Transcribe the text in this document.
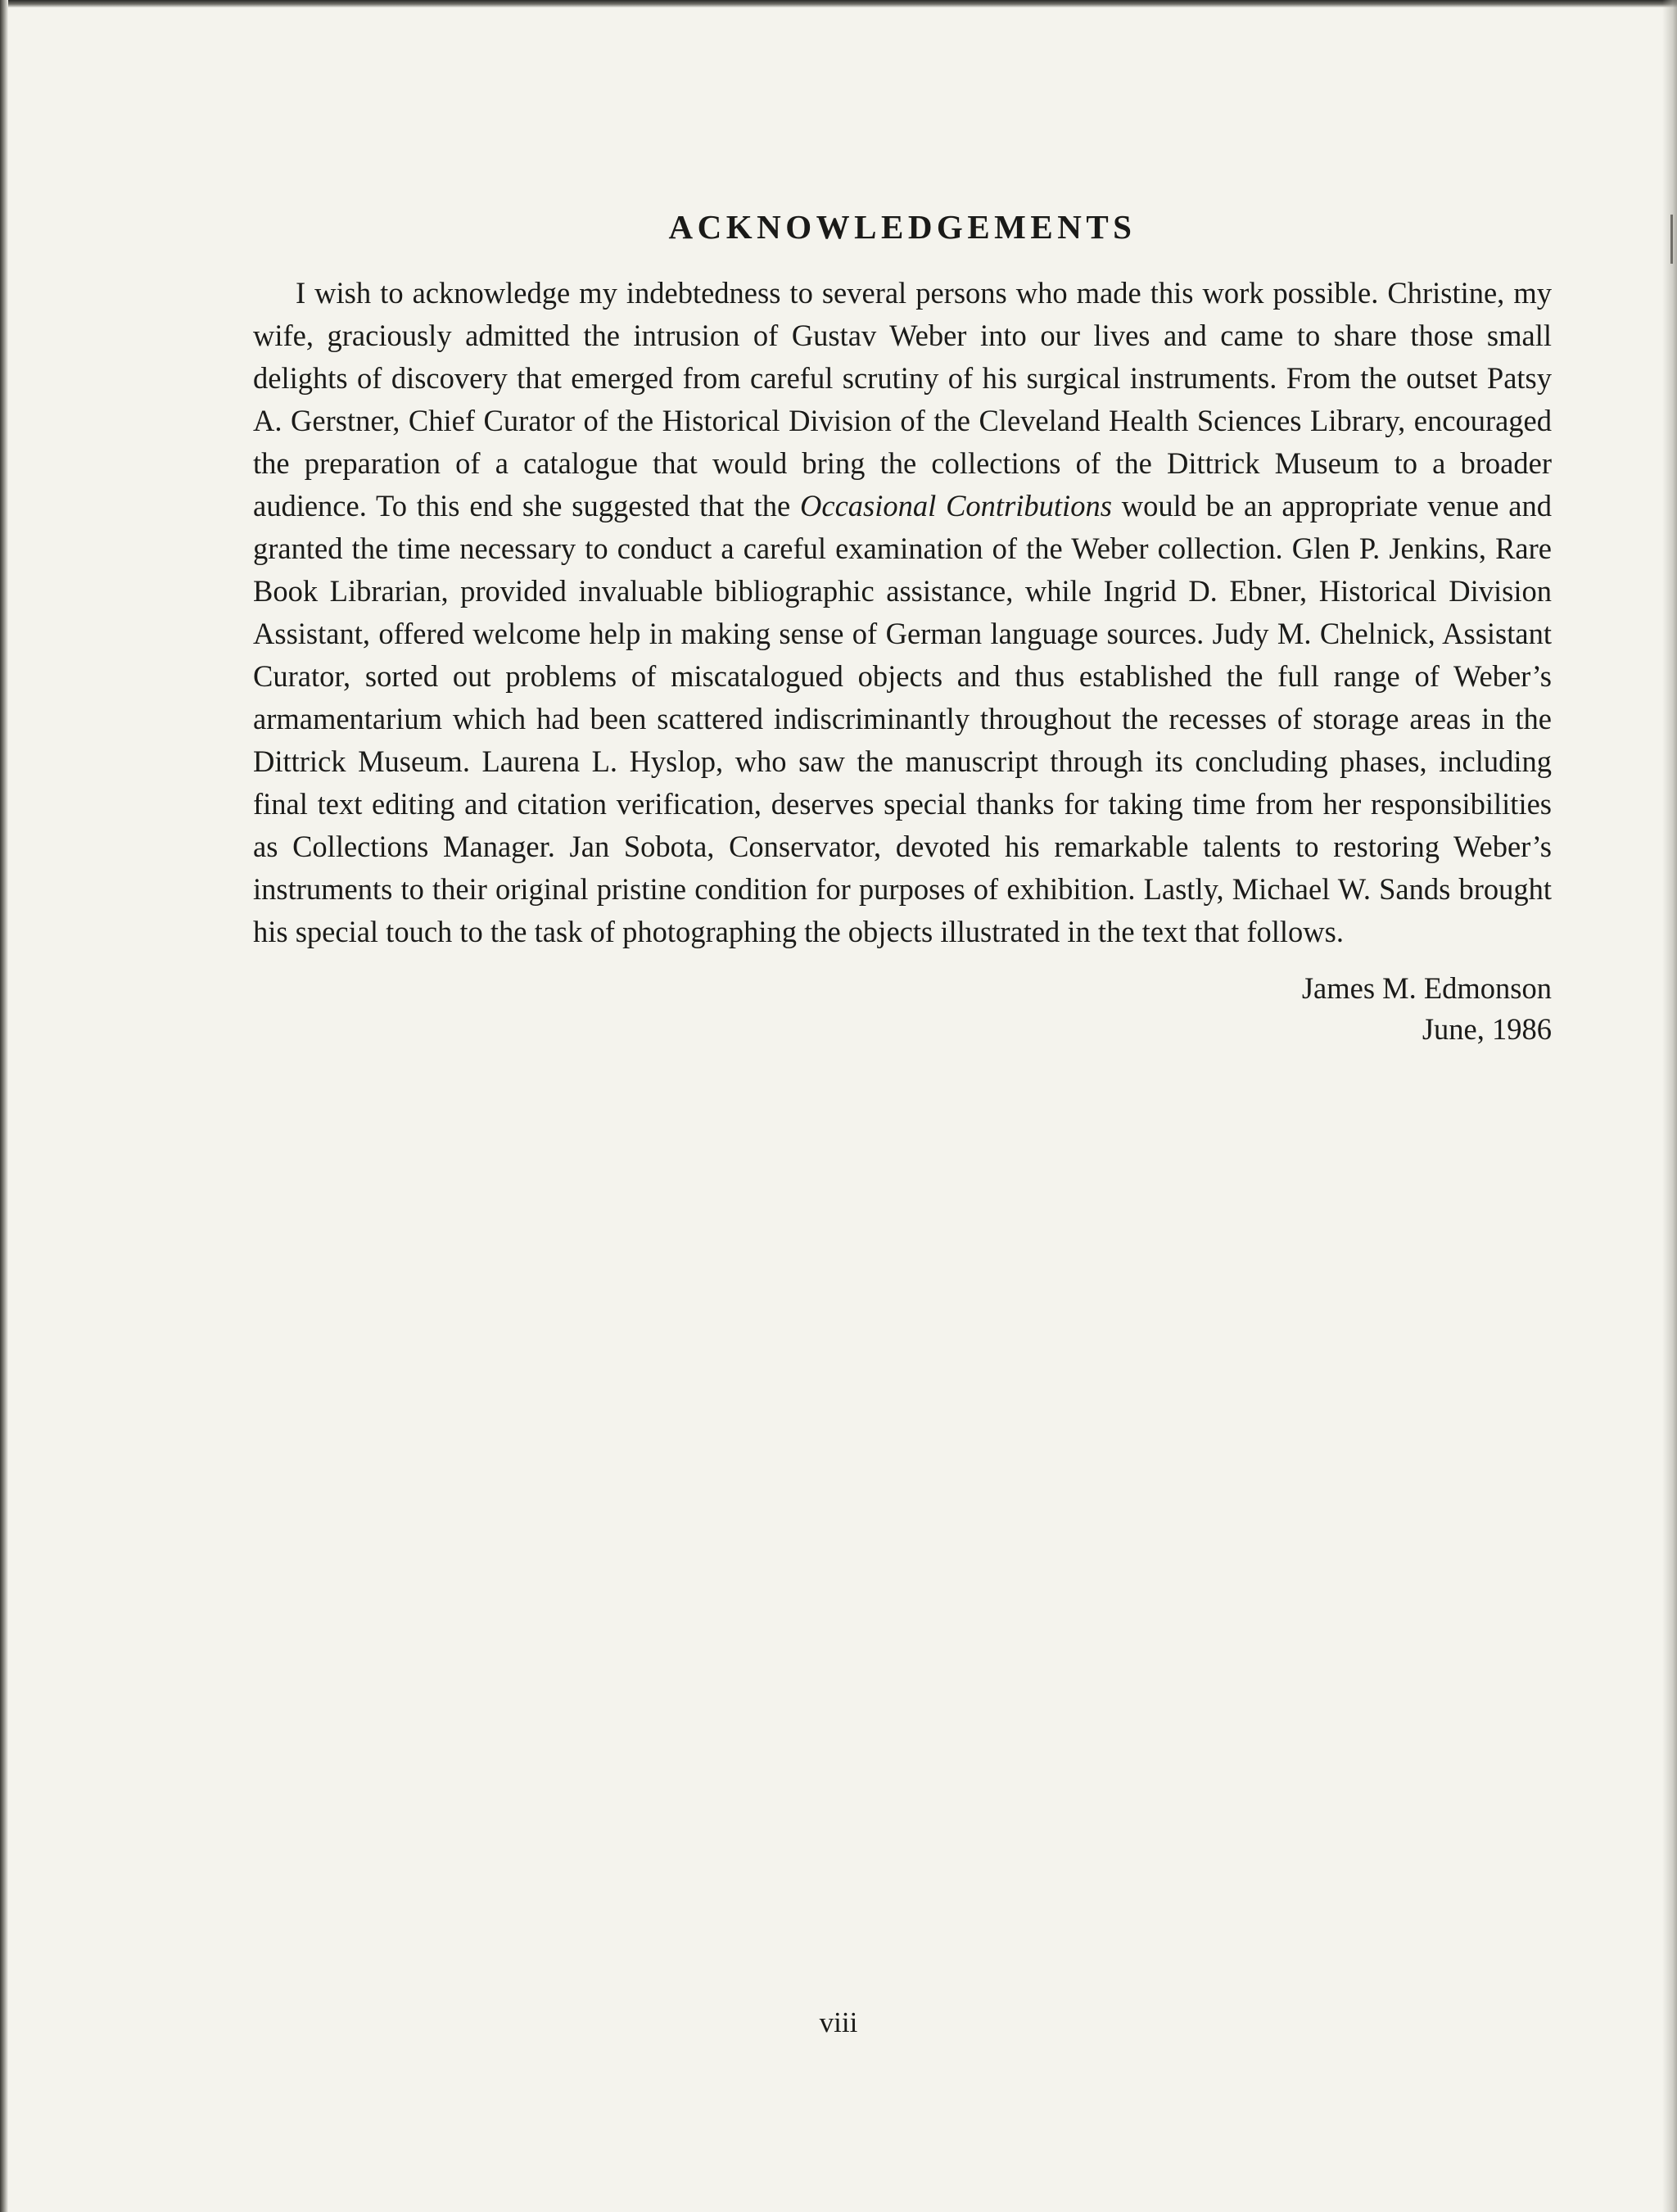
ACKNOWLEDGEMENTS

I wish to acknowledge my indebtedness to several persons who made this work possible. Christine, my wife, graciously admitted the intrusion of Gustav Weber into our lives and came to share those small delights of discovery that emerged from careful scrutiny of his surgical instruments. From the outset Patsy A. Gerstner, Chief Curator of the Historical Division of the Cleveland Health Sciences Library, encouraged the preparation of a catalogue that would bring the collections of the Dittrick Museum to a broader audience. To this end she suggested that the Occasional Contributions would be an appropriate venue and granted the time necessary to conduct a careful examination of the Weber collection. Glen P. Jenkins, Rare Book Librarian, provided invaluable bibliographic assistance, while Ingrid D. Ebner, Historical Division Assistant, offered welcome help in making sense of German language sources. Judy M. Chelnick, Assistant Curator, sorted out problems of miscatalogued objects and thus established the full range of Weber’s armamentarium which had been scattered indiscriminantly throughout the recesses of storage areas in the Dittrick Museum. Laurena L. Hyslop, who saw the manuscript through its concluding phases, including final text editing and citation verification, deserves special thanks for taking time from her responsibilities as Collections Manager. Jan Sobota, Conservator, devoted his remarkable talents to restoring Weber’s instruments to their original pristine condition for purposes of exhibition. Lastly, Michael W. Sands brought his special touch to the task of photographing the objects illustrated in the text that follows.

James M. Edmonson
June, 1986
viii
